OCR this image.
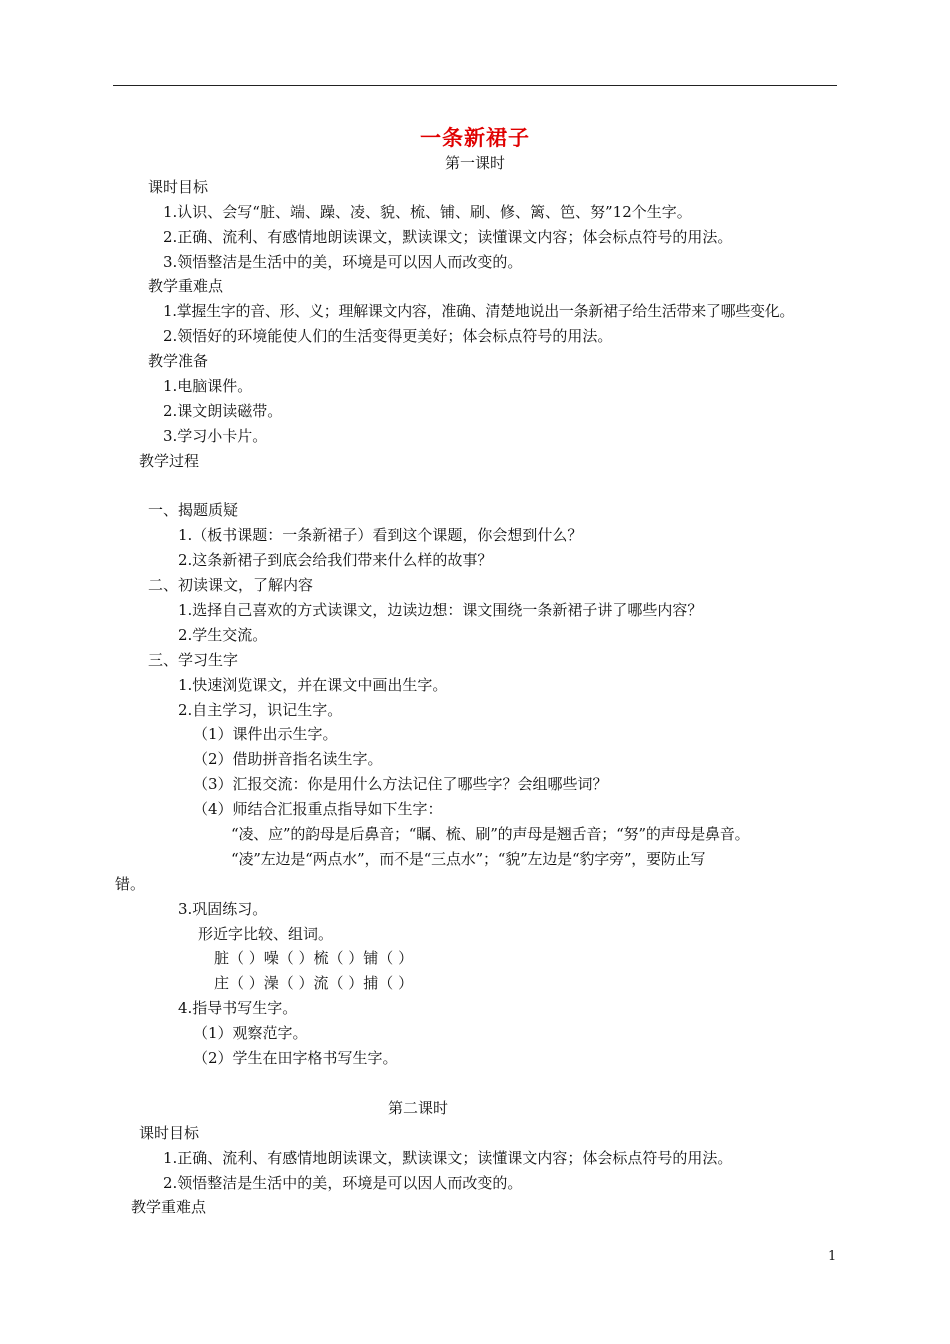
一条新裙子
第一课时
课时目标
1.认识、会写“脏、端、躁、凌、貌、梳、铺、刷、修、篱、笆、努”12个生字。
2.正确、流利、有感情地朗读课文，默读课文；读懂课文内容；体会标点符号的用法。
3.领悟整洁是生活中的美，环境是可以因人而改变的。
教学重难点
1.掌握生字的音、形、义；理解课文内容，准确、清楚地说出一条新裙子给生活带来了哪些变化。
2.领悟好的环境能使人们的生活变得更美好；体会标点符号的用法。
教学准备
1.电脑课件。
2.课文朗读磁带。
3.学习小卡片。
教学过程
一、揭题质疑
1.（板书课题：一条新裙子）看到这个课题，你会想到什么？
2.这条新裙子到底会给我们带来什么样的故事？
二、初读课文，了解内容
1.选择自己喜欢的方式读课文，边读边想：课文围绕一条新裙子讲了哪些内容？
2.学生交流。
三、学习生字
1.快速浏览课文，并在课文中画出生字。
2.自主学习，识记生字。
（1）课件出示生字。
（2）借助拼音指名读生字。
（3）汇报交流：你是用什么方法记住了哪些字？会组哪些词？
（4）师结合汇报重点指导如下生字：
“凌、应”的韵母是后鼻音；“瞩、梳、刷”的声母是翘舌音；“努”的声母是鼻音。
“凌”左边是“两点水”，而不是“三点水”；“貌”左边是“豹字旁”，要防止写
错。
3.巩固练习。
形近字比较、组词。
脏（ ）噪（ ）梳（ ）铺（ ）
庄（ ）澡（ ）流（ ）捕（ ）
4.指导书写生字。
（1）观察范字。
（2）学生在田字格书写生字。
第二课时
课时目标
1.正确、流利、有感情地朗读课文，默读课文；读懂课文内容；体会标点符号的用法。
2.领悟整洁是生活中的美，环境是可以因人而改变的。
教学重难点
1
